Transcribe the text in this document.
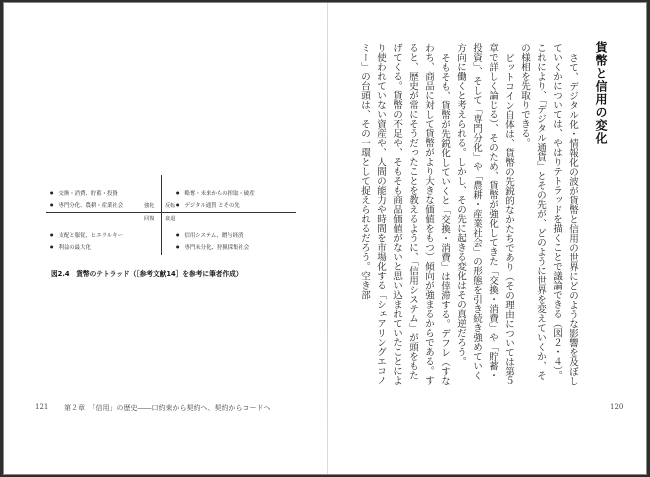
● 交換・消費、貯蓄・投資
● 専門分化、農耕・産業社会
● 略奪・未来からの搾取・破産
● デジタル通貨 とその先
● 支配と服従、ヒエラルキー
● 利益の最大化
● 信用システム、贈与経済
● 専門未分化、狩猟採集社会
強化 反転
回復 衰退
図2.4　貨幣のテトラッド（［参考文献14］を参考に筆者作成）
貨幣と信用の変化

さて、デジタル化・情報化の波が貨幣と信用の世界にどのような影響を及ぼしていくかについては、やはりテトラッドを描くことで議論できる（図２・４）。これにより、「デジタル通貨」とその先が、どのように世界を変えていくか、その様相を先取りできる。

ビットコイン自体は、貨幣の先鋭的なかたちであり（その理由については第５章で詳しく論じる）、そのため、貨幣が強化してきた「交換・消費」や「貯蓄・投資」、そして「専門分化」や「農耕・産業社会」の形態を引き続き強めていく方向に働くと考えられる。しかし、その先に起きる変化はその真逆だろう。

そもそも、貨幣が先鋭化していくと「交換・消費」は倖滞する。デフレ（すなわち、商品に対して貨幣がより大きな価値をもつ）傾向が強まるからである。すると、歴史が常にそうだったことを教えるように、「信用システム」が頭をもたげてくる。貨幣の不足や、そもそも商品価値がないと思い込まれていたことにより使われていない資産や、人間の能力や時間を市場化する「シェアリングエコノミー」の台頭は、その一環として捉えられるだろう。空き部

121 第２章　「信用」の歴史――口約束から契約へ、契約からコードへ	120
